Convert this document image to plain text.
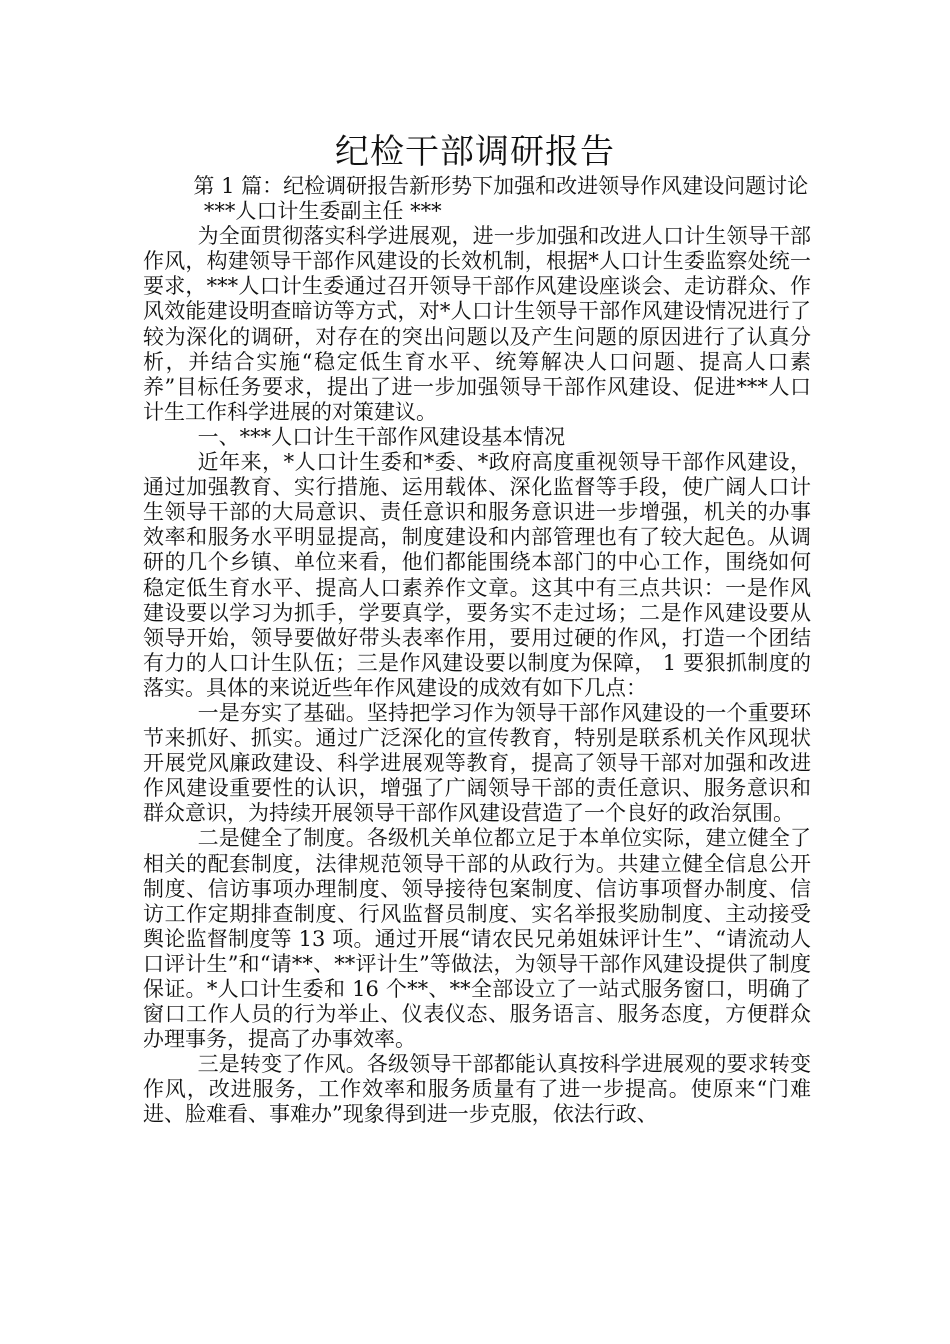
纪检干部调研报告

第 1 篇：纪检调研报告新形势下加强和改进领导作风建设问题讨论

***人口计生委副主任 ***

为全面贯彻落实科学进展观，进一步加强和改进人口计生领导干部作风，构建领导干部作风建设的长效机制，根据*人口计生委监察处统一要求，***人口计生委通过召开领导干部作风建设座谈会、走访群众、作风效能建设明查暗访等方式，对*人口计生领导干部作风建设情况进行了较为深化的调研，对存在的突出问题以及产生问题的原因进行了认真分析，并结合实施“稳定低生育水平、统筹解决人口问题、提高人口素养”目标任务要求，提出了进一步加强领导干部作风建设、促进***人口计生工作科学进展的对策建议。

一、***人口计生干部作风建设基本情况

近年来，*人口计生委和*委、*政府高度重视领导干部作风建设，通过加强教育、实行措施、运用载体、深化监督等手段，使广阔人口计生领导干部的大局意识、责任意识和服务意识进一步增强，机关的办事效率和服务水平明显提高，制度建设和内部管理也有了较大起色。从调研的几个乡镇、单位来看，他们都能围绕本部门的中心工作，围绕如何稳定低生育水平、提高人口素养作文章。这其中有三点共识：一是作风建设要以学习为抓手，学要真学，要务实不走过场；二是作风建设要从领导开始，领导要做好带头表率作用，要用过硬的作风，打造一个团结有力的人口计生队伍；三是作风建设要以制度为保障， 1 要狠抓制度的落实。具体的来说近些年作风建设的成效有如下几点：

一是夯实了基础。坚持把学习作为领导干部作风建设的一个重要环节来抓好、抓实。通过广泛深化的宣传教育，特别是联系机关作风现状开展党风廉政建设、科学进展观等教育，提高了领导干部对加强和改进作风建设重要性的认识，增强了广阔领导干部的责任意识、服务意识和群众意识，为持续开展领导干部作风建设营造了一个良好的政治氛围。

二是健全了制度。各级机关单位都立足于本单位实际，建立健全了相关的配套制度，法律规范领导干部的从政行为。共建立健全信息公开制度、信访事项办理制度、领导接待包案制度、信访事项督办制度、信访工作定期排查制度、行风监督员制度、实名举报奖励制度、主动接受舆论监督制度等 13 项。通过开展“请农民兄弟姐妹评计生”、“请流动人口评计生”和“请**、**评计生”等做法，为领导干部作风建设提供了制度保证。*人口计生委和 16 个**、**全部设立了一站式服务窗口，明确了窗口工作人员的行为举止、仪表仪态、服务语言、服务态度，方便群众办理事务，提高了办事效率。

三是转变了作风。各级领导干部都能认真按科学进展观的要求转变作风，改进服务，工作效率和服务质量有了进一步提高。使原来“门难进、脸难看、事难办”现象得到进一步克服，依法行政、
